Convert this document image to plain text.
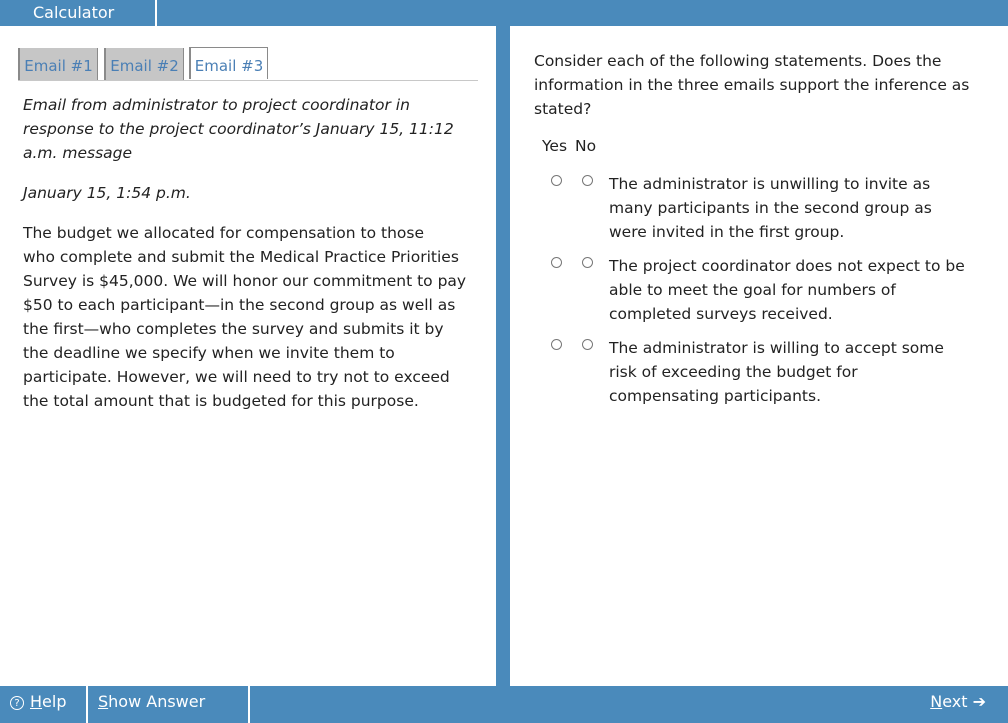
Calculator
Email #1	Email #2	Email #3
Email from administrator to project coordinator in
response to the project coordinator’s January 15, 11:12
a.m. message
January 15, 1:54 p.m.
The budget we allocated for compensation to those
who complete and submit the Medical Practice Priorities
Survey is $45,000. We will honor our commitment to pay
$50 to each participant—in the second group as well as
the first—who completes the survey and submits it by
the deadline we specify when we invite them to
participate. However, we will need to try not to exceed
the total amount that is budgeted for this purpose.
Consider each of the following statements. Does the
information in the three emails support the inference as
stated?
Yes No
The administrator is unwilling to invite as
many participants in the second group as
were invited in the first group.
The project coordinator does not expect to be
able to meet the goal for numbers of
completed surveys received.
The administrator is willing to accept some
risk of exceeding the budget for
compensating participants.
? Help	Show Answer	Next ➔
